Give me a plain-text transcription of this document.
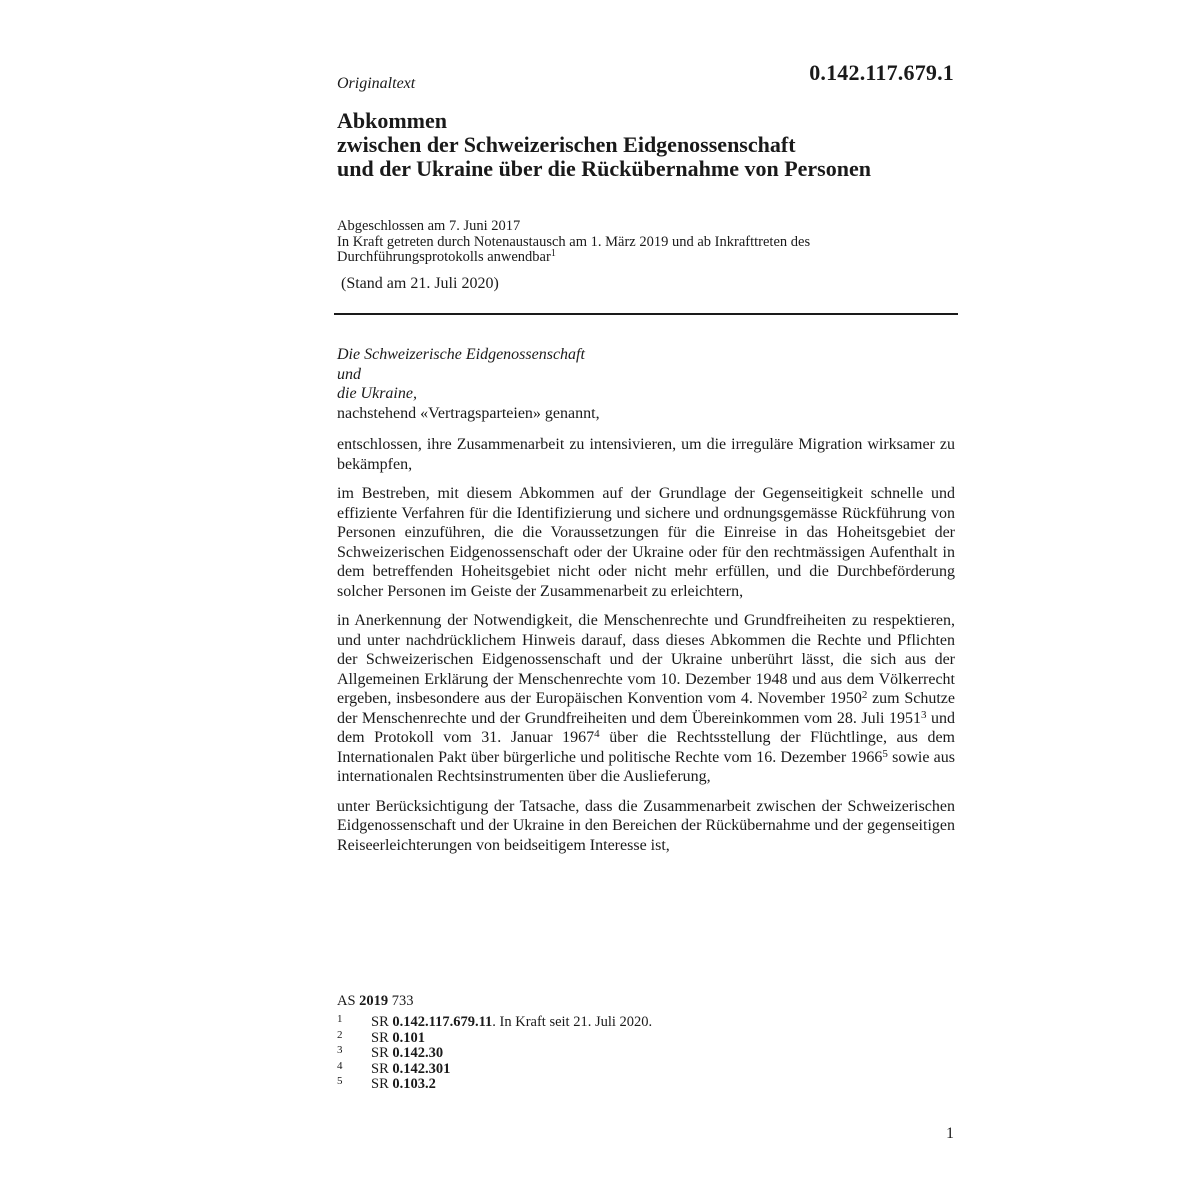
0.142.117.679.1
Originaltext
Abkommen
zwischen der Schweizerischen Eidgenossenschaft
und der Ukraine über die Rückübernahme von Personen
Abgeschlossen am 7. Juni 2017
In Kraft getreten durch Notenaustausch am 1. März 2019 und ab Inkrafttreten des
Durchführungsprotokolls anwendbar$^1$
(Stand am 21. Juli 2020)

Die Schweizerische Eidgenossenschaft
und
die Ukraine,
nachstehend «Vertragsparteien» genannt,

entschlossen, ihre Zusammenarbeit zu intensivieren, um die irreguläre Migration wirksamer zu bekämpfen,

im Bestreben, mit diesem Abkommen auf der Grundlage der Gegenseitigkeit schnelle und effiziente Verfahren für die Identifizierung und sichere und ordnungsgemässe Rückführung von Personen einzuführen, die die Voraussetzungen für die Einreise in das Hoheitsgebiet der Schweizerischen Eidgenossenschaft oder der Ukraine oder für den rechtmässigen Aufenthalt in dem betreffenden Hoheitsgebiet nicht oder nicht mehr erfüllen, und die Durchbeförderung solcher Personen im Geiste der Zusammenarbeit zu erleichtern,

in Anerkennung der Notwendigkeit, die Menschenrechte und Grundfreiheiten zu respektieren, und unter nachdrücklichem Hinweis darauf, dass dieses Abkommen die Rechte und Pflichten der Schweizerischen Eidgenossenschaft und der Ukraine unberührt lässt, die sich aus der Allgemeinen Erklärung der Menschenrechte vom 10. Dezember 1948 und aus dem Völkerrecht ergeben, insbesondere aus der Europäischen Konvention vom 4. November 1950$^2$ zum Schutze der Menschenrechte und der Grundfreiheiten und dem Übereinkommen vom 28. Juli 1951$^3$ und dem Protokoll vom 31. Januar 1967$^4$ über die Rechtsstellung der Flüchtlinge, aus dem Internationalen Pakt über bürgerliche und politische Rechte vom 16. Dezember 1966$^5$ sowie aus internationalen Rechtsinstrumenten über die Auslieferung,

unter Berücksichtigung der Tatsache, dass die Zusammenarbeit zwischen der Schweizerischen Eidgenossenschaft und der Ukraine in den Bereichen der Rückübernahme und der gegenseitigen Reiseerleichterungen von beidseitigem Interesse ist,

AS 2019 733
1 SR 0.142.117.679.11. In Kraft seit 21. Juli 2020.
2 SR 0.101
3 SR 0.142.30
4 SR 0.142.301
5 SR 0.103.2
1
